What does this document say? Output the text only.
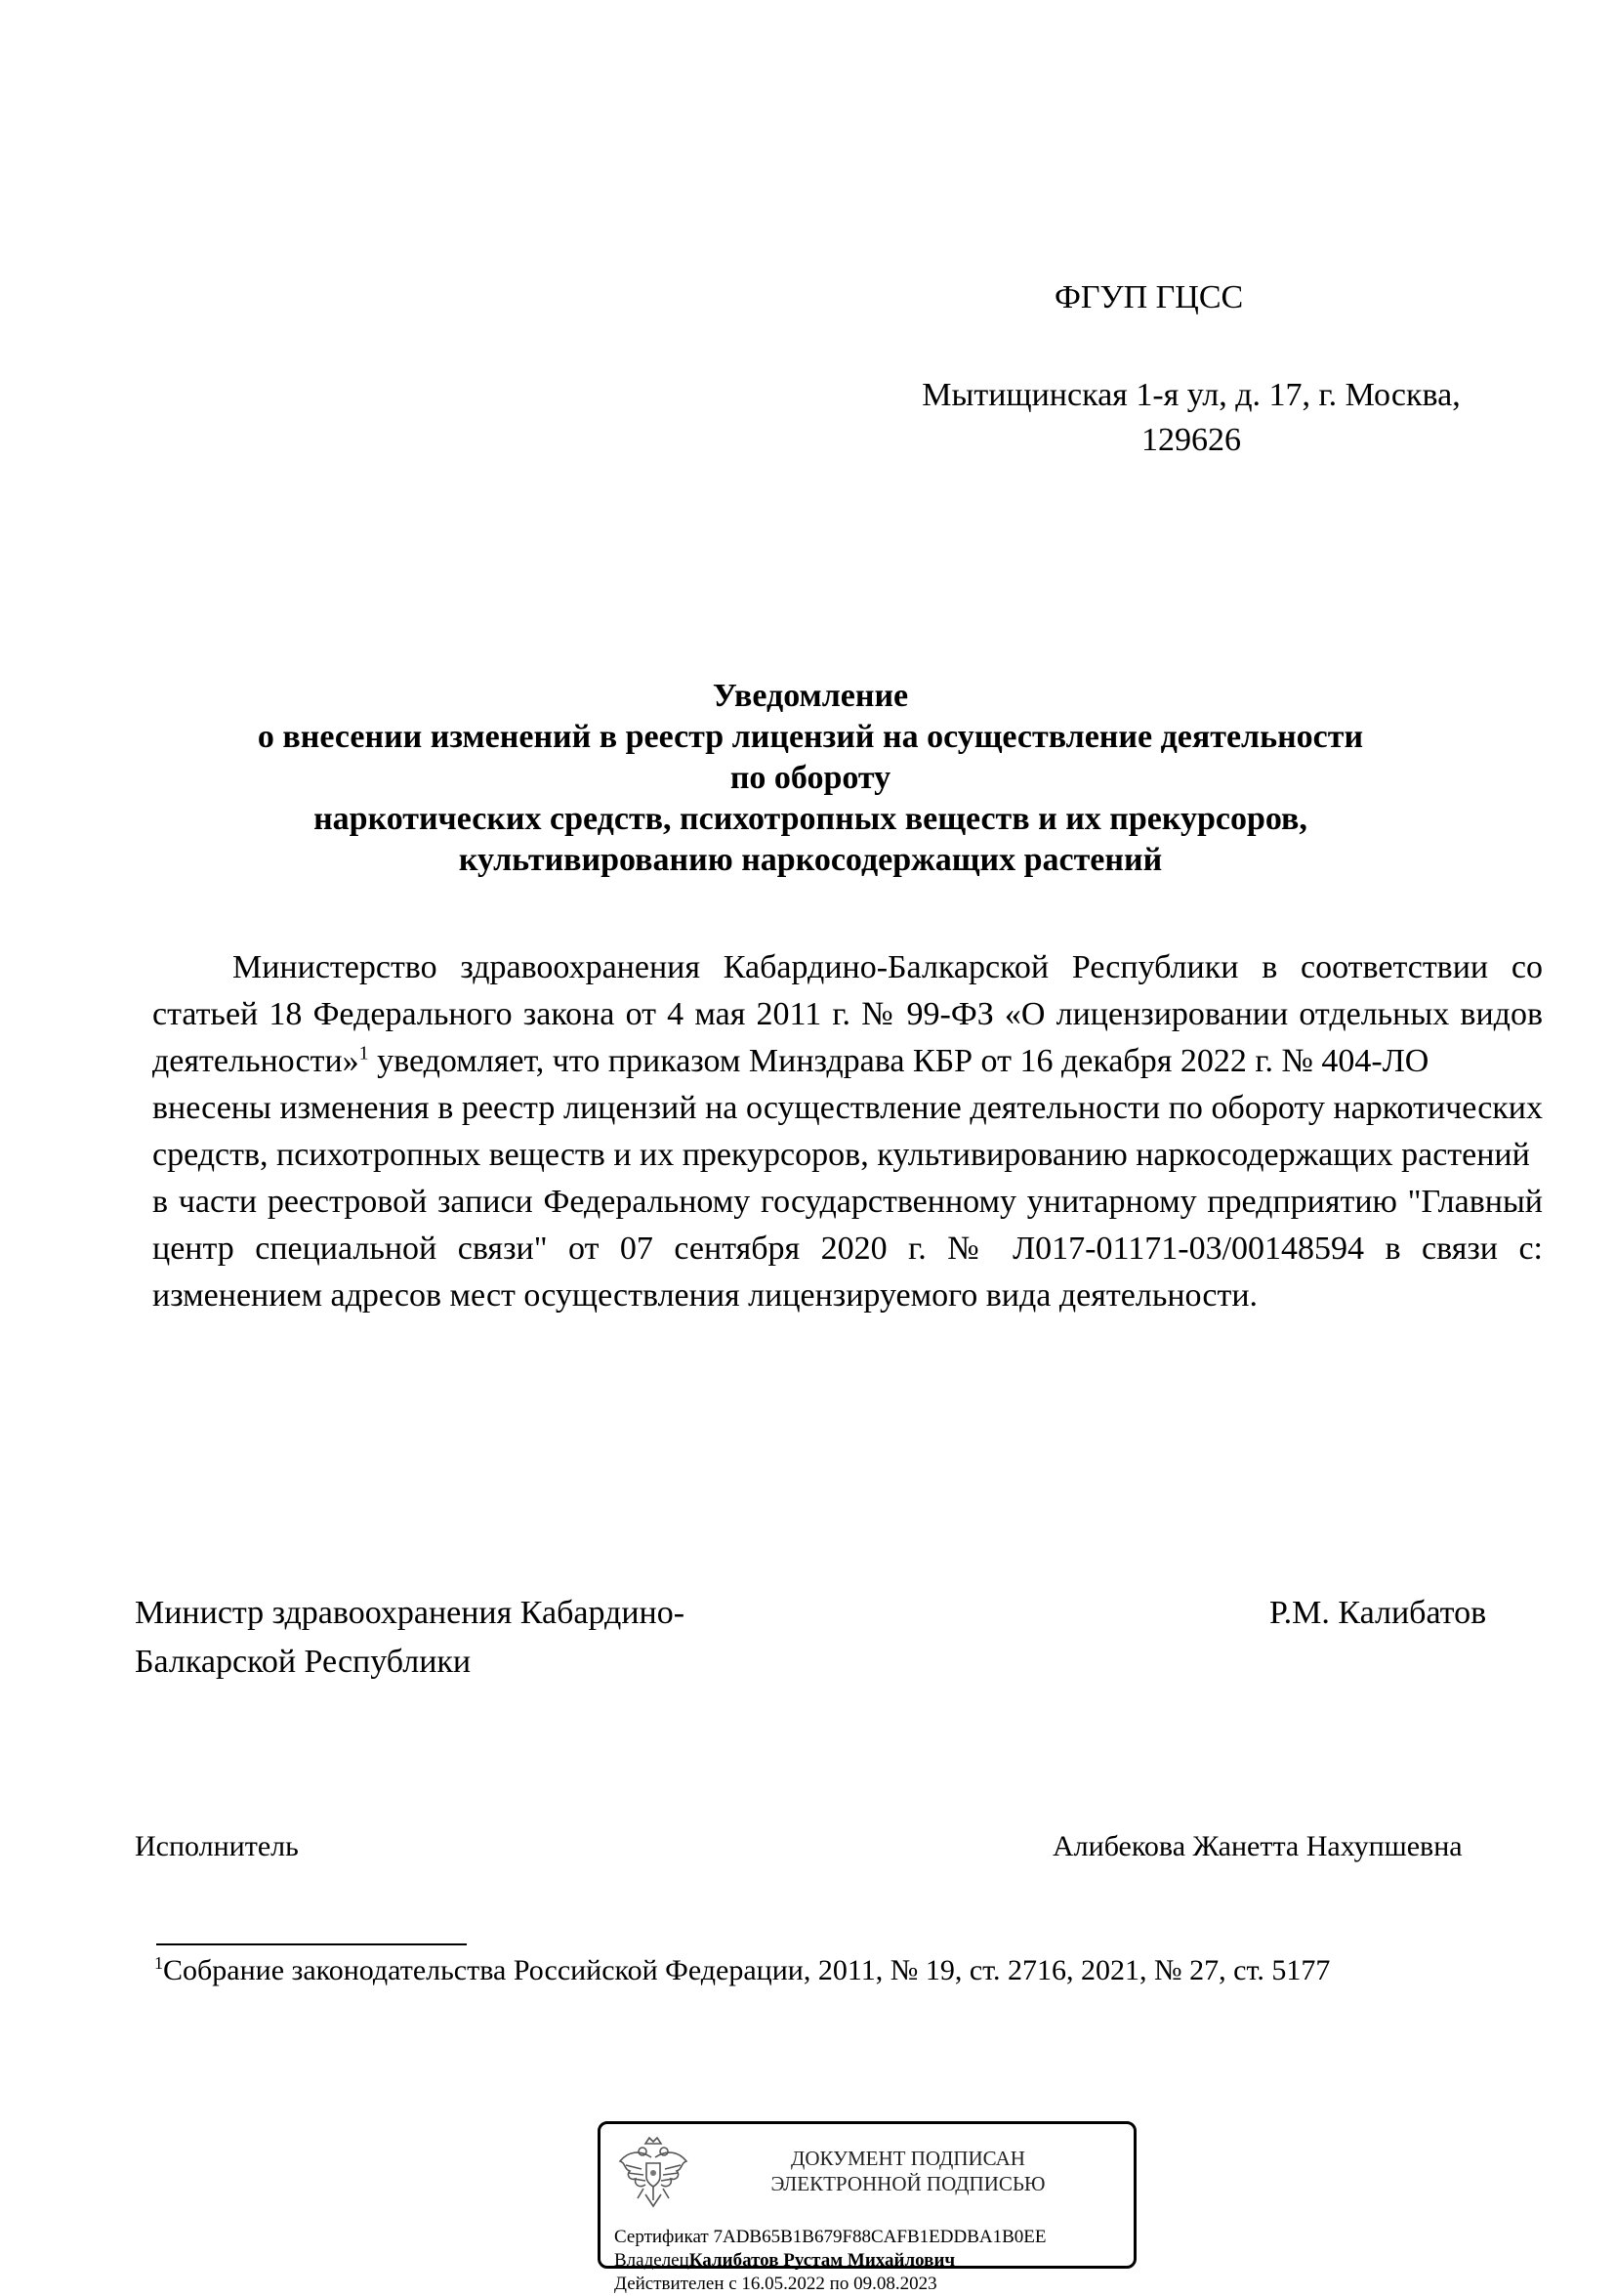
ФГУП ГЦСС
Мытищинская 1-я ул, д. 17, г. Москва,
129626
Уведомление
о внесении изменений в реестр лицензий на осуществление деятельности
по обороту
наркотических средств, психотропных веществ и их прекурсоров,
культивированию наркосодержащих растений

Министерство здравоохранения Кабардино-Балкарской Республики в соответствии со статьей 18 Федерального закона от 4 мая 2011 г. № 99-ФЗ «О лицензировании отдельных видов деятельности»$^1$ уведомляет, что приказом Минздрава КБР от 16 декабря 2022 г. № 404-ЛО

внесены изменения в реестр лицензий на осуществление деятельности по обороту наркотических средств, психотропных веществ и их прекурсоров, культивированию наркосодержащих растений

в части реестровой записи Федеральному государственному унитарному предприятию "Главный центр специальной связи" от 07 сентября 2020 г. № Л017-01171-03/00148594 в связи с: изменением адресов мест осуществления лицензируемого вида деятельности.

Министр здравоохранения Кабардино-
Балкарской Республики
Р.М. Калибатов
Исполнитель	Алибекова Жанетта Нахупшевна
$^1$Собрание законодательства Российской Федерации, 2011, № 19, ст. 2716, 2021, № 27, ст. 5177
ДОКУМЕНТ ПОДПИСАН
ЭЛЕКТРОННОЙ ПОДПИСЬЮ
Сертификат 7ADB65B1B679F88CAFB1EDDBA1B0EE
ВладелецКалибатов Рустам Михайлович
Действителен с 16.05.2022 по 09.08.2023
